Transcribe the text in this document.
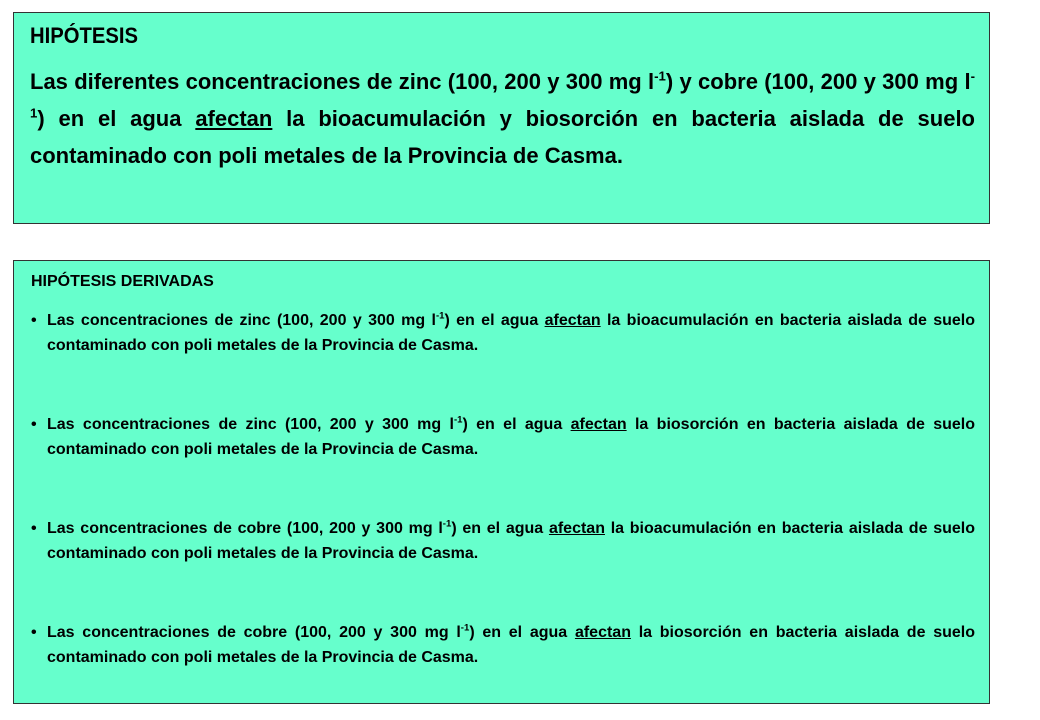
HIPÓTESIS

Las diferentes concentraciones de zinc (100, 200 y 300 mg $l^{-1}$) y cobre (100, 200 y 300 mg $l^{-1}$) en el agua afectan la bioacumulación y biosorción en bacteria aislada de suelo contaminado con poli metales de la Provincia de Casma.

HIPÓTESIS DERIVADAS
• Las concentraciones de zinc (100, 200 y 300 mg $l^{-1}$) en el agua afectan la bioacumulación en bacteria aislada de suelo contaminado con poli metales de la Provincia de Casma.
• Las concentraciones de zinc (100, 200 y 300 mg $l^{-1}$) en el agua afectan la biosorción en bacteria aislada de suelo contaminado con poli metales de la Provincia de Casma.
• Las concentraciones de cobre (100, 200 y 300 mg $l^{-1}$) en el agua afectan la bioacumulación en bacteria aislada de suelo contaminado con poli metales de la Provincia de Casma.
• Las concentraciones de cobre (100, 200 y 300 mg $l^{-1}$) en el agua afectan la biosorción en bacteria aislada de suelo contaminado con poli metales de la Provincia de Casma.
